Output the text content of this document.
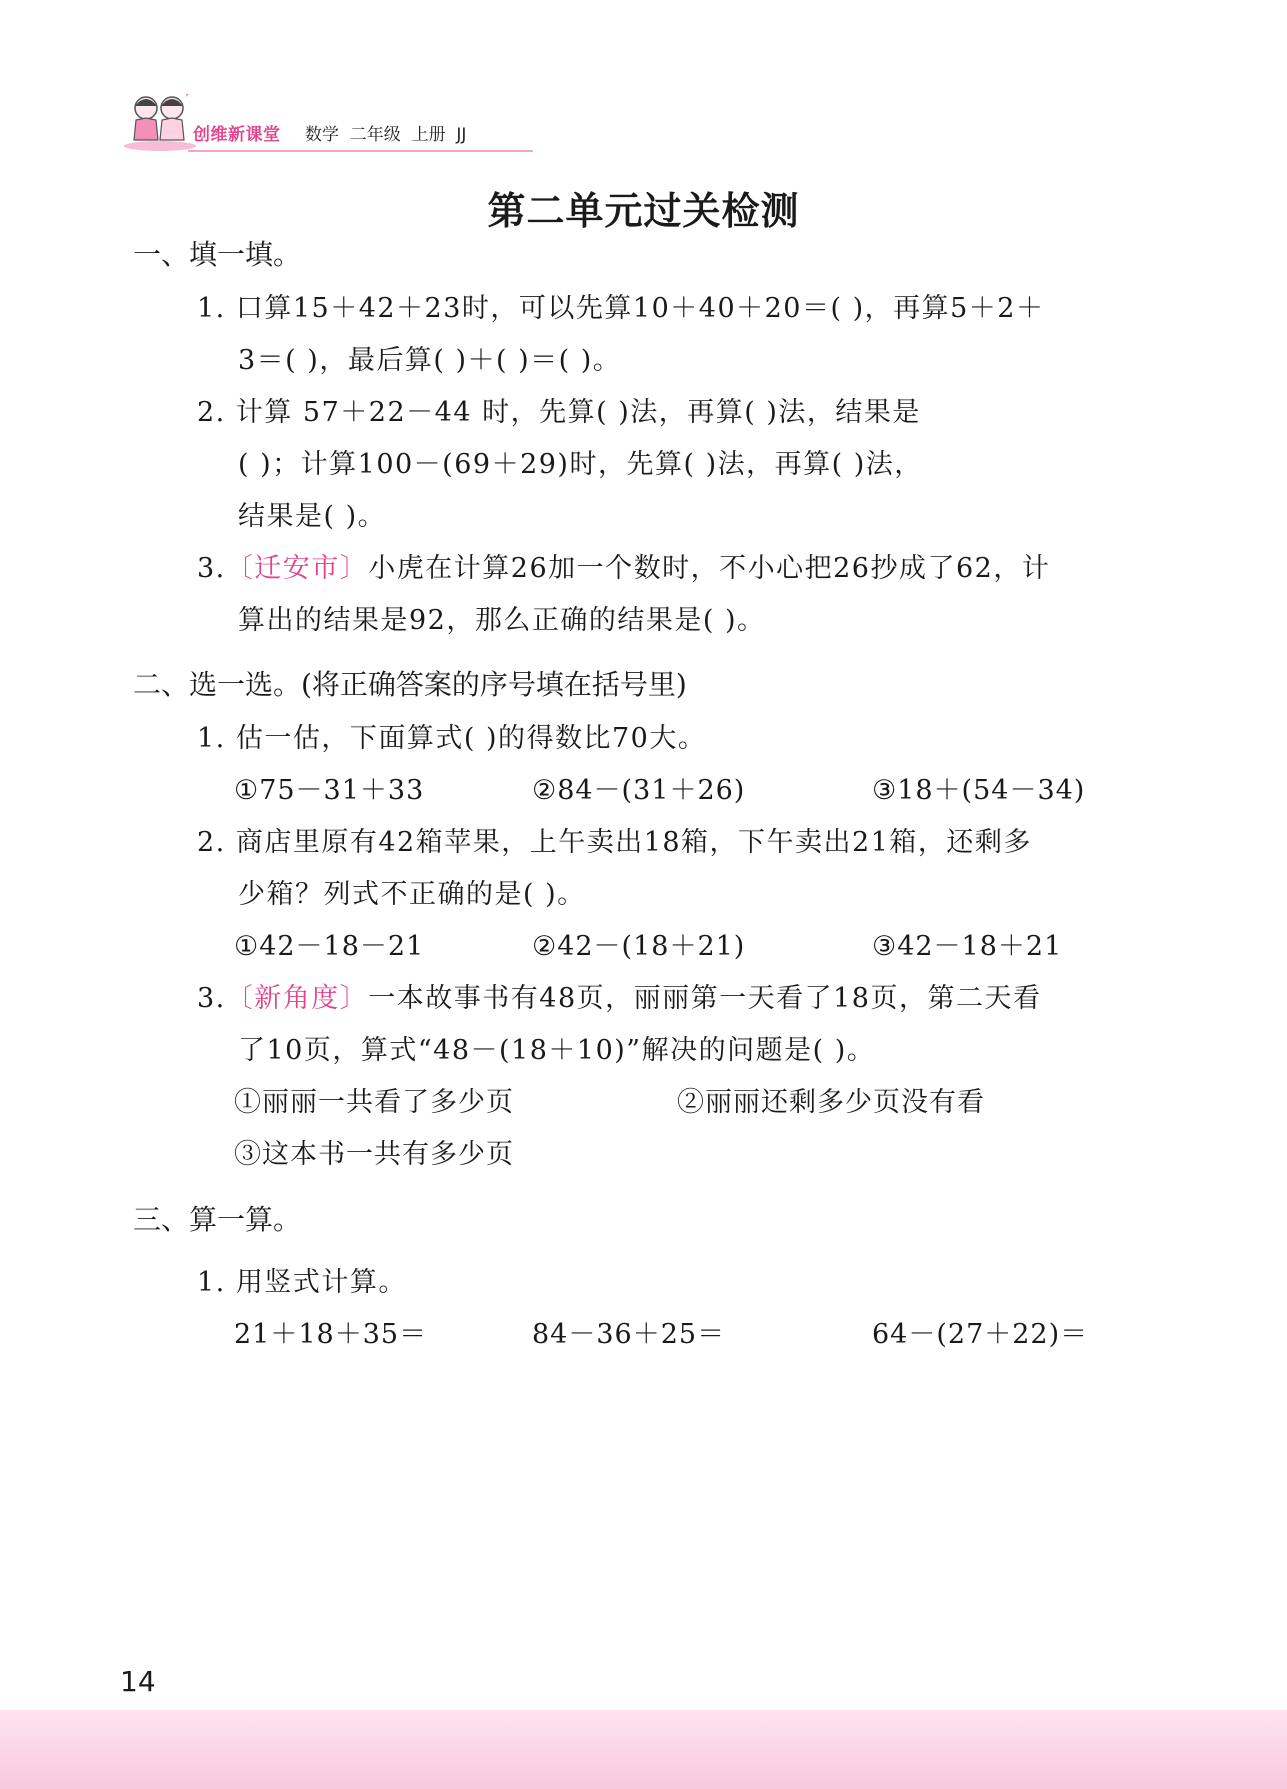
创维新课堂 数学  二年级  上册  JJ
第二单元过关检测
一、填一填。
1. 口算15＋42＋23时，可以先算10＋40＋20＝( )，再算5＋2＋
3＝( )，最后算( )＋( )＝( )。
2. 计算 57＋22－44 时，先算( )法，再算( )法，结果是
( )；计算100－(69＋29)时，先算( )法，再算( )法，
结果是( )。
3.〔迁安市〕小虎在计算26加一个数时，不小心把26抄成了62，计
算出的结果是92，那么正确的结果是( )。
二、选一选。(将正确答案的序号填在括号里)
1. 估一估，下面算式( )的得数比70大。
①75－31＋33	②84－(31＋26)	③18＋(54－34)
2. 商店里原有42箱苹果，上午卖出18箱，下午卖出21箱，还剩多
少箱？列式不正确的是( )。
①42－18－21	②42－(18＋21)	③42－18＋21
3.〔新角度〕一本故事书有48页，丽丽第一天看了18页，第二天看
了10页，算式“48－(18＋10)”解决的问题是( )。
①丽丽一共看了多少页	②丽丽还剩多少页没有看
③这本书一共有多少页
三、算一算。
1. 用竖式计算。
21＋18＋35＝	84－36＋25＝	64－(27＋22)＝
14
